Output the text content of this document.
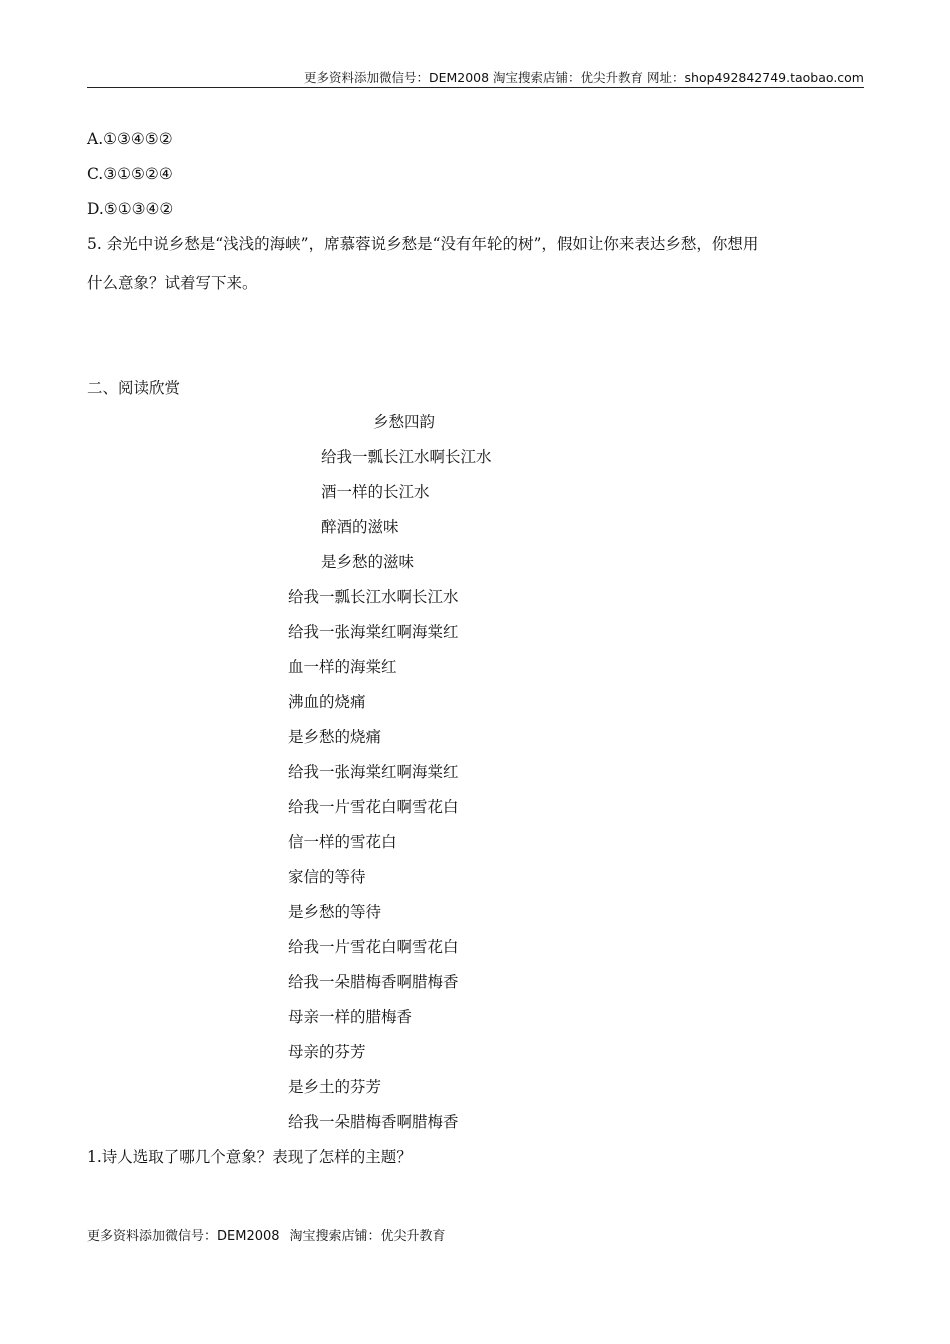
更多资料添加微信号：DEM2008 淘宝搜索店铺：优尖升教育 网址：shop492842749.taobao.com
A.①③④⑤②
C.③①⑤②④
D.⑤①③④②
5. 余光中说乡愁是“浅浅的海峡”，席慕蓉说乡愁是“没有年轮的树”，假如让你来表达乡愁，你想用
什么意象？试着写下来。
二、阅读欣赏
乡愁四韵
给我一瓢长江水啊长江水
酒一样的长江水
醉酒的滋味
是乡愁的滋味
给我一瓢长江水啊长江水
给我一张海棠红啊海棠红
血一样的海棠红
沸血的烧痛
是乡愁的烧痛
给我一张海棠红啊海棠红
给我一片雪花白啊雪花白
信一样的雪花白
家信的等待
是乡愁的等待
给我一片雪花白啊雪花白
给我一朵腊梅香啊腊梅香
母亲一样的腊梅香
母亲的芬芳
是乡土的芬芳
给我一朵腊梅香啊腊梅香
1.诗人选取了哪几个意象？表现了怎样的主题？
更多资料添加微信号：DEM2008 淘宝搜索店铺：优尖升教育
